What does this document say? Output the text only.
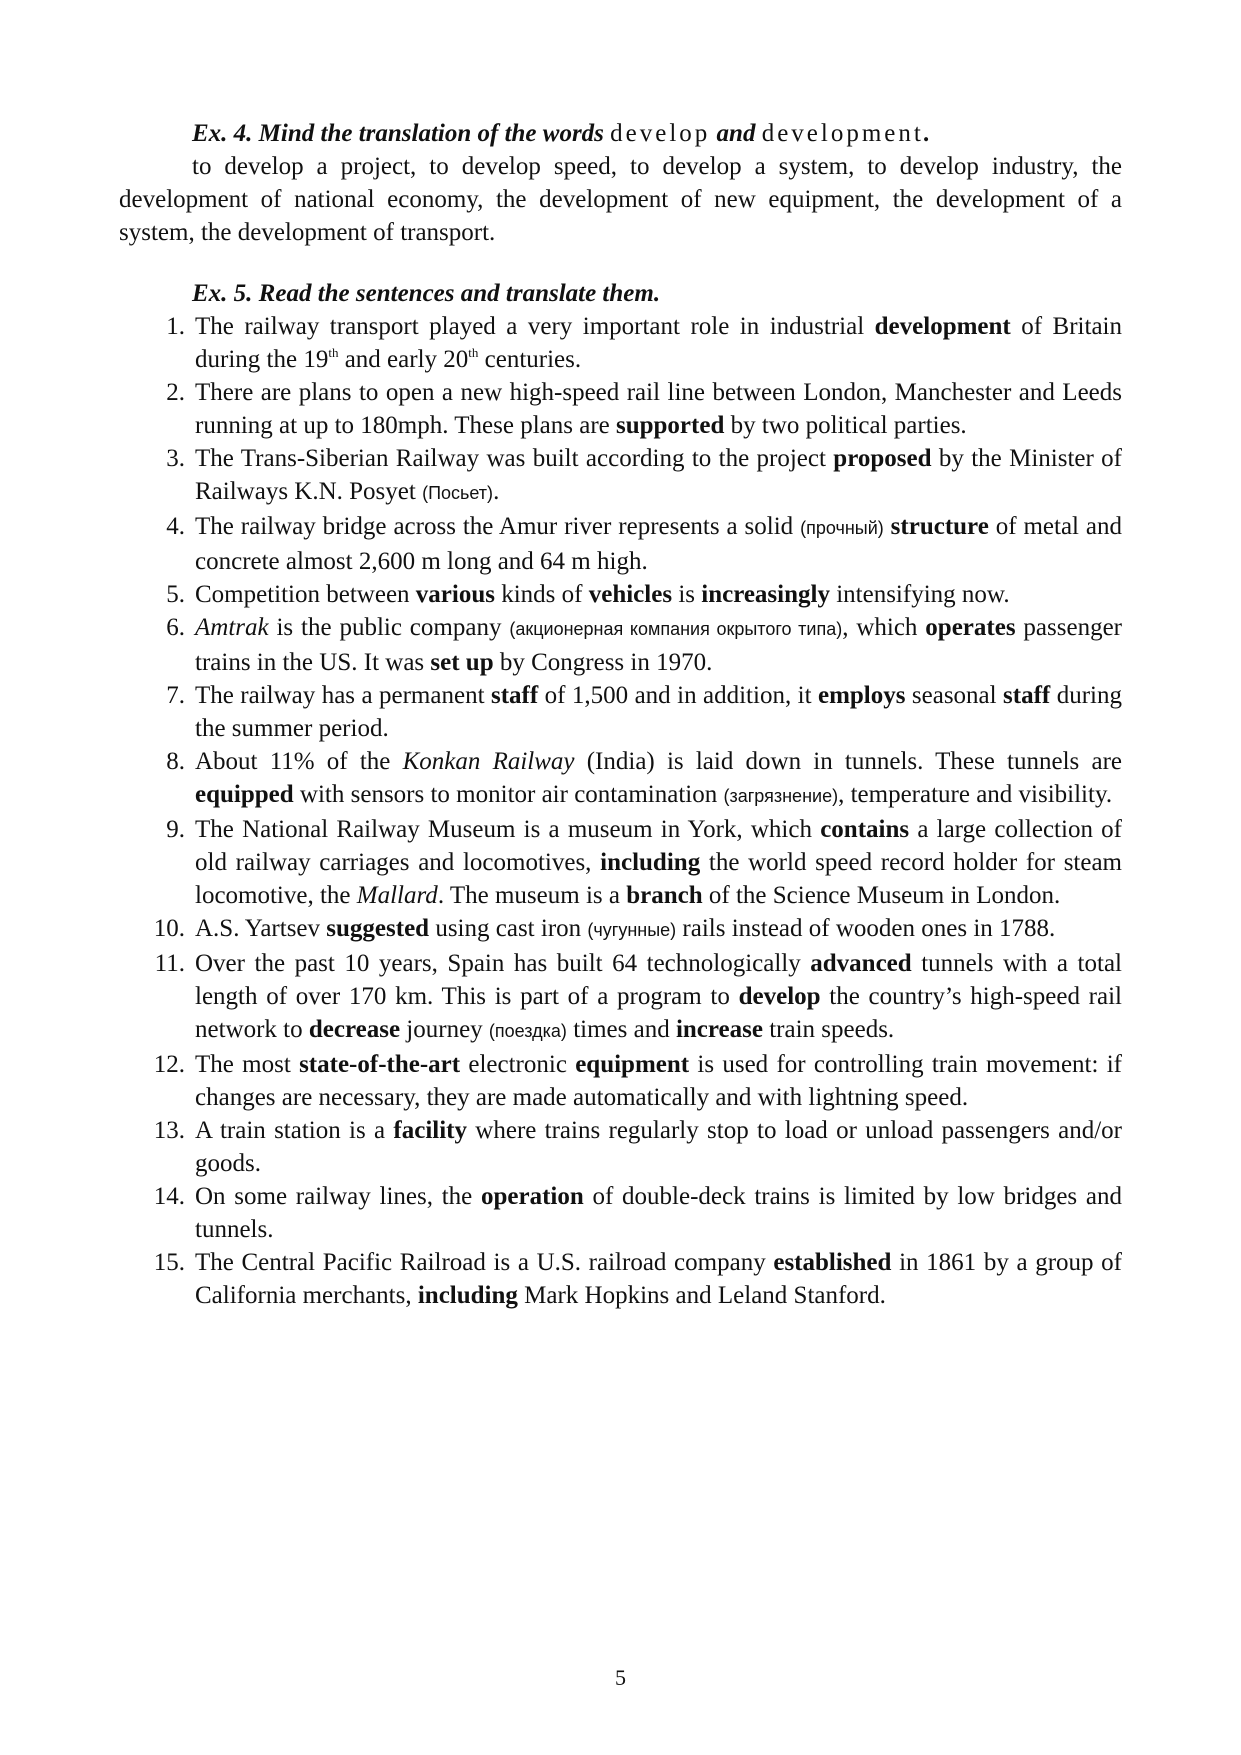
Ex. 4. Mind the translation of the words develop and development.
to develop a project, to develop speed, to develop a system, to develop industry, the development of national economy, the development of new equipment, the development of a system, the development of transport.
Ex. 5. Read the sentences and translate them.
1. The railway transport played a very important role in industrial development of Britain during the 19th and early 20th centuries.
2. There are plans to open a new high-speed rail line between London, Manchester and Leeds running at up to 180mph. These plans are supported by two political parties.
3. The Trans-Siberian Railway was built according to the project proposed by the Minister of Railways K.N. Posyet (Посьет).
4. The railway bridge across the Amur river represents a solid (прочный) structure of metal and concrete almost 2,600 m long and 64 m high.
5. Competition between various kinds of vehicles is increasingly intensifying now.
6. Amtrak is the public company (акционерная компания окрытого типа), which operates passenger trains in the US. It was set up by Congress in 1970.
7. The railway has a permanent staff of 1,500 and in addition, it employs seasonal staff during the summer period.
8. About 11% of the Konkan Railway (India) is laid down in tunnels. These tunnels are equipped with sensors to monitor air contamination (загрязнение), temperature and visibility.
9. The National Railway Museum is a museum in York, which contains a large collection of old railway carriages and locomotives, including the world speed record holder for steam locomotive, the Mallard. The museum is a branch of the Science Museum in London.
10. A.S. Yartsev suggested using cast iron (чугунные) rails instead of wooden ones in 1788.
11. Over the past 10 years, Spain has built 64 technologically advanced tunnels with a total length of over 170 km. This is part of a program to develop the country’s high-speed rail network to decrease journey (поездка) times and increase train speeds.
12. The most state-of-the-art electronic equipment is used for controlling train movement: if changes are necessary, they are made automatically and with lightning speed.
13. A train station is a facility where trains regularly stop to load or unload passengers and/or goods.
14. On some railway lines, the operation of double-deck trains is limited by low bridges and tunnels.
15. The Central Pacific Railroad is a U.S. railroad company established in 1861 by a group of California merchants, including Mark Hopkins and Leland Stanford.
5
